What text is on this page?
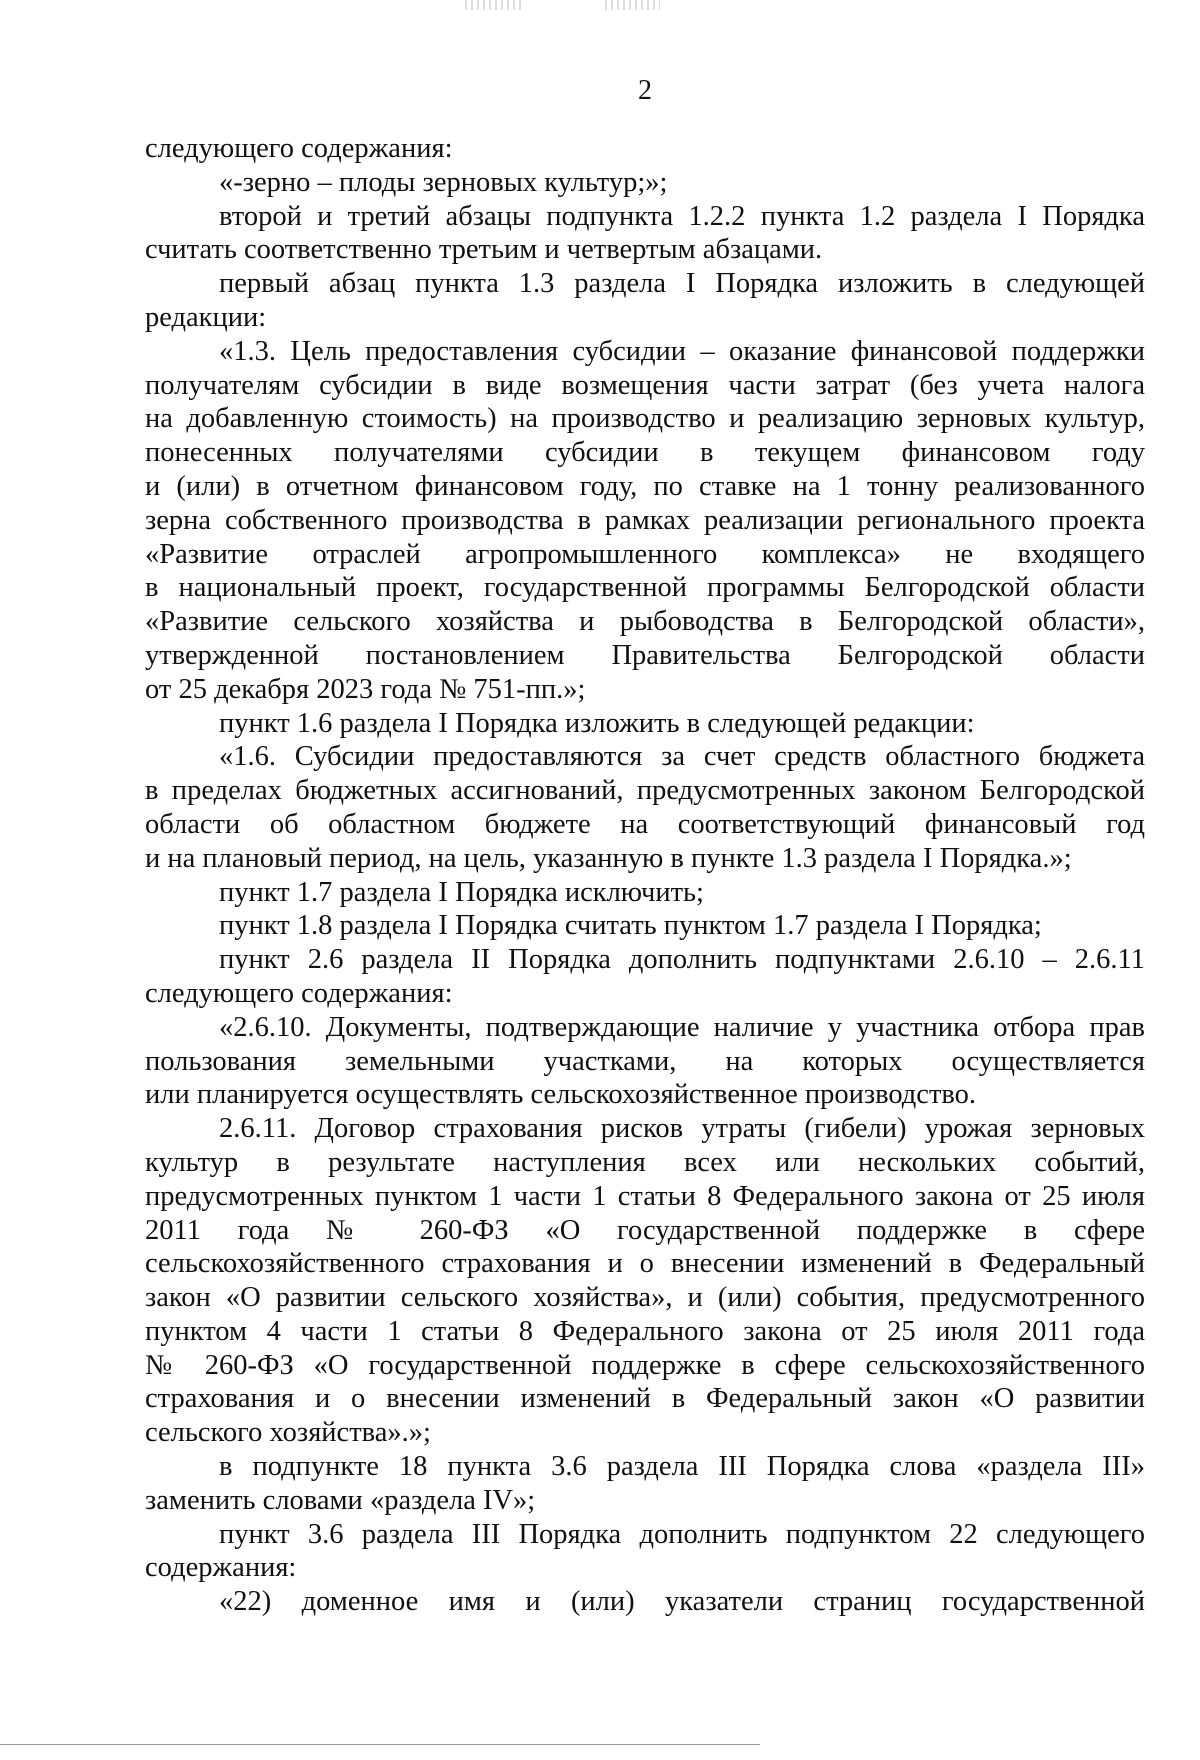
2
следующего содержания:
«-зерно – плоды зерновых культур;»;
второй и третий абзацы подпункта 1.2.2 пункта 1.2 раздела I Порядка
считать соответственно третьим и четвертым абзацами.
первый абзац пункта 1.3 раздела I Порядка изложить в следующей
редакции:
«1.3. Цель предоставления субсидии – оказание финансовой поддержки
получателям субсидии в виде возмещения части затрат (без учета налога
на добавленную стоимость) на производство и реализацию зерновых культур,
понесенных получателями субсидии в текущем финансовом году
и (или) в отчетном финансовом году, по ставке на 1 тонну реализованного
зерна собственного производства в рамках реализации регионального проекта
«Развитие отраслей агропромышленного комплекса» не входящего
в национальный проект, государственной программы Белгородской области
«Развитие сельского хозяйства и рыбоводства в Белгородской области»,
утвержденной постановлением Правительства Белгородской области
от 25 декабря 2023 года № 751-пп.»;
пункт 1.6 раздела I Порядка изложить в следующей редакции:
«1.6. Субсидии предоставляются за счет средств областного бюджета
в пределах бюджетных ассигнований, предусмотренных законом Белгородской
области об областном бюджете на соответствующий финансовый год
и на плановый период, на цель, указанную в пункте 1.3 раздела I Порядка.»;
пункт 1.7 раздела I Порядка исключить;
пункт 1.8 раздела I Порядка считать пунктом 1.7 раздела I Порядка;
пункт 2.6 раздела II Порядка дополнить подпунктами 2.6.10 – 2.6.11
следующего содержания:
«2.6.10. Документы, подтверждающие наличие у участника отбора прав
пользования земельными участками, на которых осуществляется
или планируется осуществлять сельскохозяйственное производство.
2.6.11. Договор страхования рисков утраты (гибели) урожая зерновых
культур в результате наступления всех или нескольких событий,
предусмотренных пунктом 1 части 1 статьи 8 Федерального закона от 25 июля
2011 года № 260-ФЗ «О государственной поддержке в сфере
сельскохозяйственного страхования и о внесении изменений в Федеральный
закон «О развитии сельского хозяйства», и (или) события, предусмотренного
пунктом 4 части 1 статьи 8 Федерального закона от 25 июля 2011 года
№ 260-ФЗ «О государственной поддержке в сфере сельскохозяйственного
страхования и о внесении изменений в Федеральный закон «О развитии
сельского хозяйства».»;
в подпункте 18 пункта 3.6 раздела III Порядка слова «раздела III»
заменить словами «раздела IV»;
пункт 3.6 раздела III Порядка дополнить подпунктом 22 следующего
содержания:
«22) доменное имя и (или) указатели страниц государственной
